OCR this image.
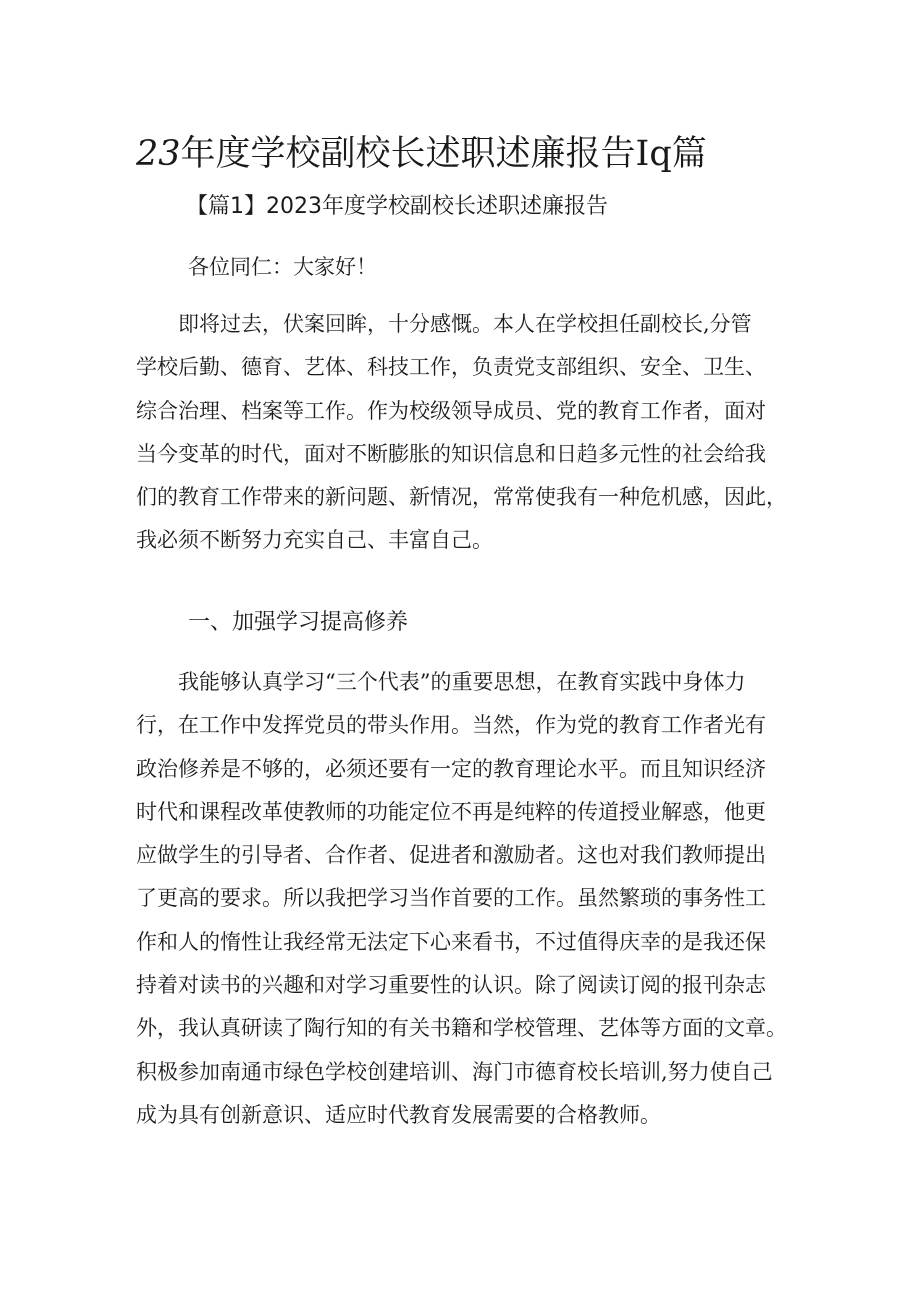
23年度学校副校长述职述廉报告Iq篇
【篇1】2023年度学校副校长述职述廉报告
各位同仁：大家好！
　　即将过去，伏案回眸，十分感慨。本人在学校担任副校长,分管
学校后勤、德育、艺体、科技工作，负责党支部组织、安全、卫生、
综合治理、档案等工作。作为校级领导成员、党的教育工作者，面对
当今变革的时代，面对不断膨胀的知识信息和日趋多元性的社会给我
们的教育工作带来的新问题、新情况，常常使我有一种危机感，因此，
我必须不断努力充实自己、丰富自己。
一、加强学习提高修养
　　我能够认真学习“三个代表”的重要思想，在教育实践中身体力
行，在工作中发挥党员的带头作用。当然，作为党的教育工作者光有
政治修养是不够的，必须还要有一定的教育理论水平。而且知识经济
时代和课程改革使教师的功能定位不再是纯粹的传道授业解惑，他更
应做学生的引导者、合作者、促进者和激励者。这也对我们教师提出
了更高的要求。所以我把学习当作首要的工作。虽然繁琐的事务性工
作和人的惰性让我经常无法定下心来看书，不过值得庆幸的是我还保
持着对读书的兴趣和对学习重要性的认识。除了阅读订阅的报刊杂志
外，我认真研读了陶行知的有关书籍和学校管理、艺体等方面的文章。
积极参加南通市绿色学校创建培训、海门市德育校长培训,努力使自己
成为具有创新意识、适应时代教育发展需要的合格教师。
